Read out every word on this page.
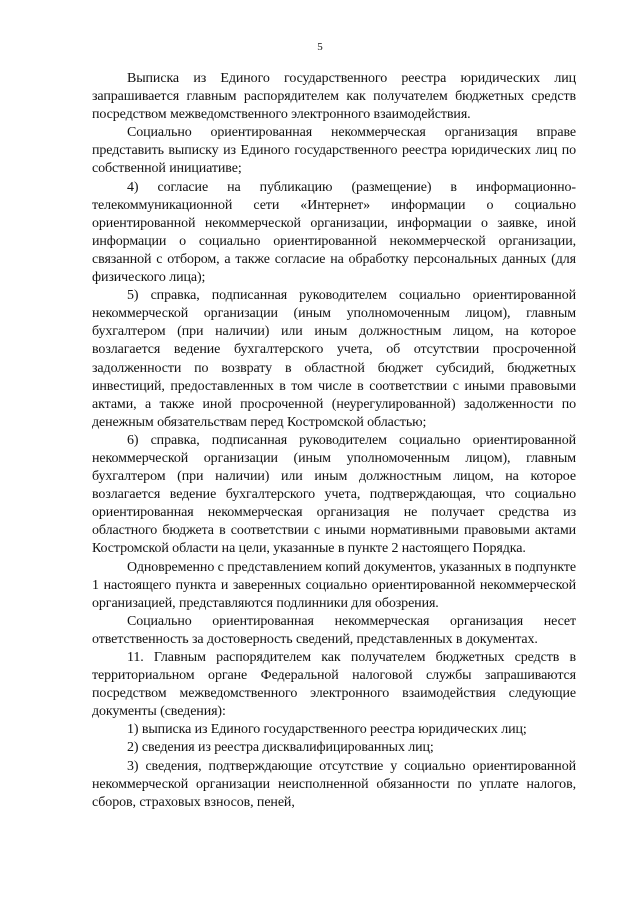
5

Выписка из Единого государственного реестра юридических лиц запрашивается главным распорядителем как получателем бюджетных средств посредством межведомственного электронного взаимодействия.

Социально ориентированная некоммерческая организация вправе представить выписку из Единого государственного реестра юридических лиц по собственной инициативе;

4) согласие на публикацию (размещение) в информационно-телекоммуникационной сети «Интернет» информации о социально ориентированной некоммерческой организации, информации о заявке, иной информации о социально ориентированной некоммерческой организации, связанной с отбором, а также согласие на обработку персональных данных (для физического лица);

5) справка, подписанная руководителем социально ориентированной некоммерческой организации (иным уполномоченным лицом), главным бухгалтером (при наличии) или иным должностным лицом, на которое возлагается ведение бухгалтерского учета, об отсутствии просроченной задолженности по возврату в областной бюджет субсидий, бюджетных инвестиций, предоставленных в том числе в соответствии с иными правовыми актами, а также иной просроченной (неурегулированной) задолженности по денежным обязательствам перед Костромской областью;

6) справка, подписанная руководителем социально ориентированной некоммерческой организации (иным уполномоченным лицом), главным бухгалтером (при наличии) или иным должностным лицом, на которое возлагается ведение бухгалтерского учета, подтверждающая, что социально ориентированная некоммерческая организация не получает средства из областного бюджета в соответствии с иными нормативными правовыми актами Костромской области на цели, указанные в пункте 2 настоящего Порядка.

Одновременно с представлением копий документов, указанных в подпункте 1 настоящего пункта и заверенных социально ориентированной некоммерческой организацией, представляются подлинники для обозрения.

Социально ориентированная некоммерческая организация несет ответственность за достоверность сведений, представленных в документах.

11. Главным распорядителем как получателем бюджетных средств в территориальном органе Федеральной налоговой службы запрашиваются посредством межведомственного электронного взаимодействия следующие документы (сведения):

1) выписка из Единого государственного реестра юридических лиц;

2) сведения из реестра дисквалифицированных лиц;

3) сведения, подтверждающие отсутствие у социально ориентированной некоммерческой организации неисполненной обязанности по уплате налогов, сборов, страховых взносов, пеней,
